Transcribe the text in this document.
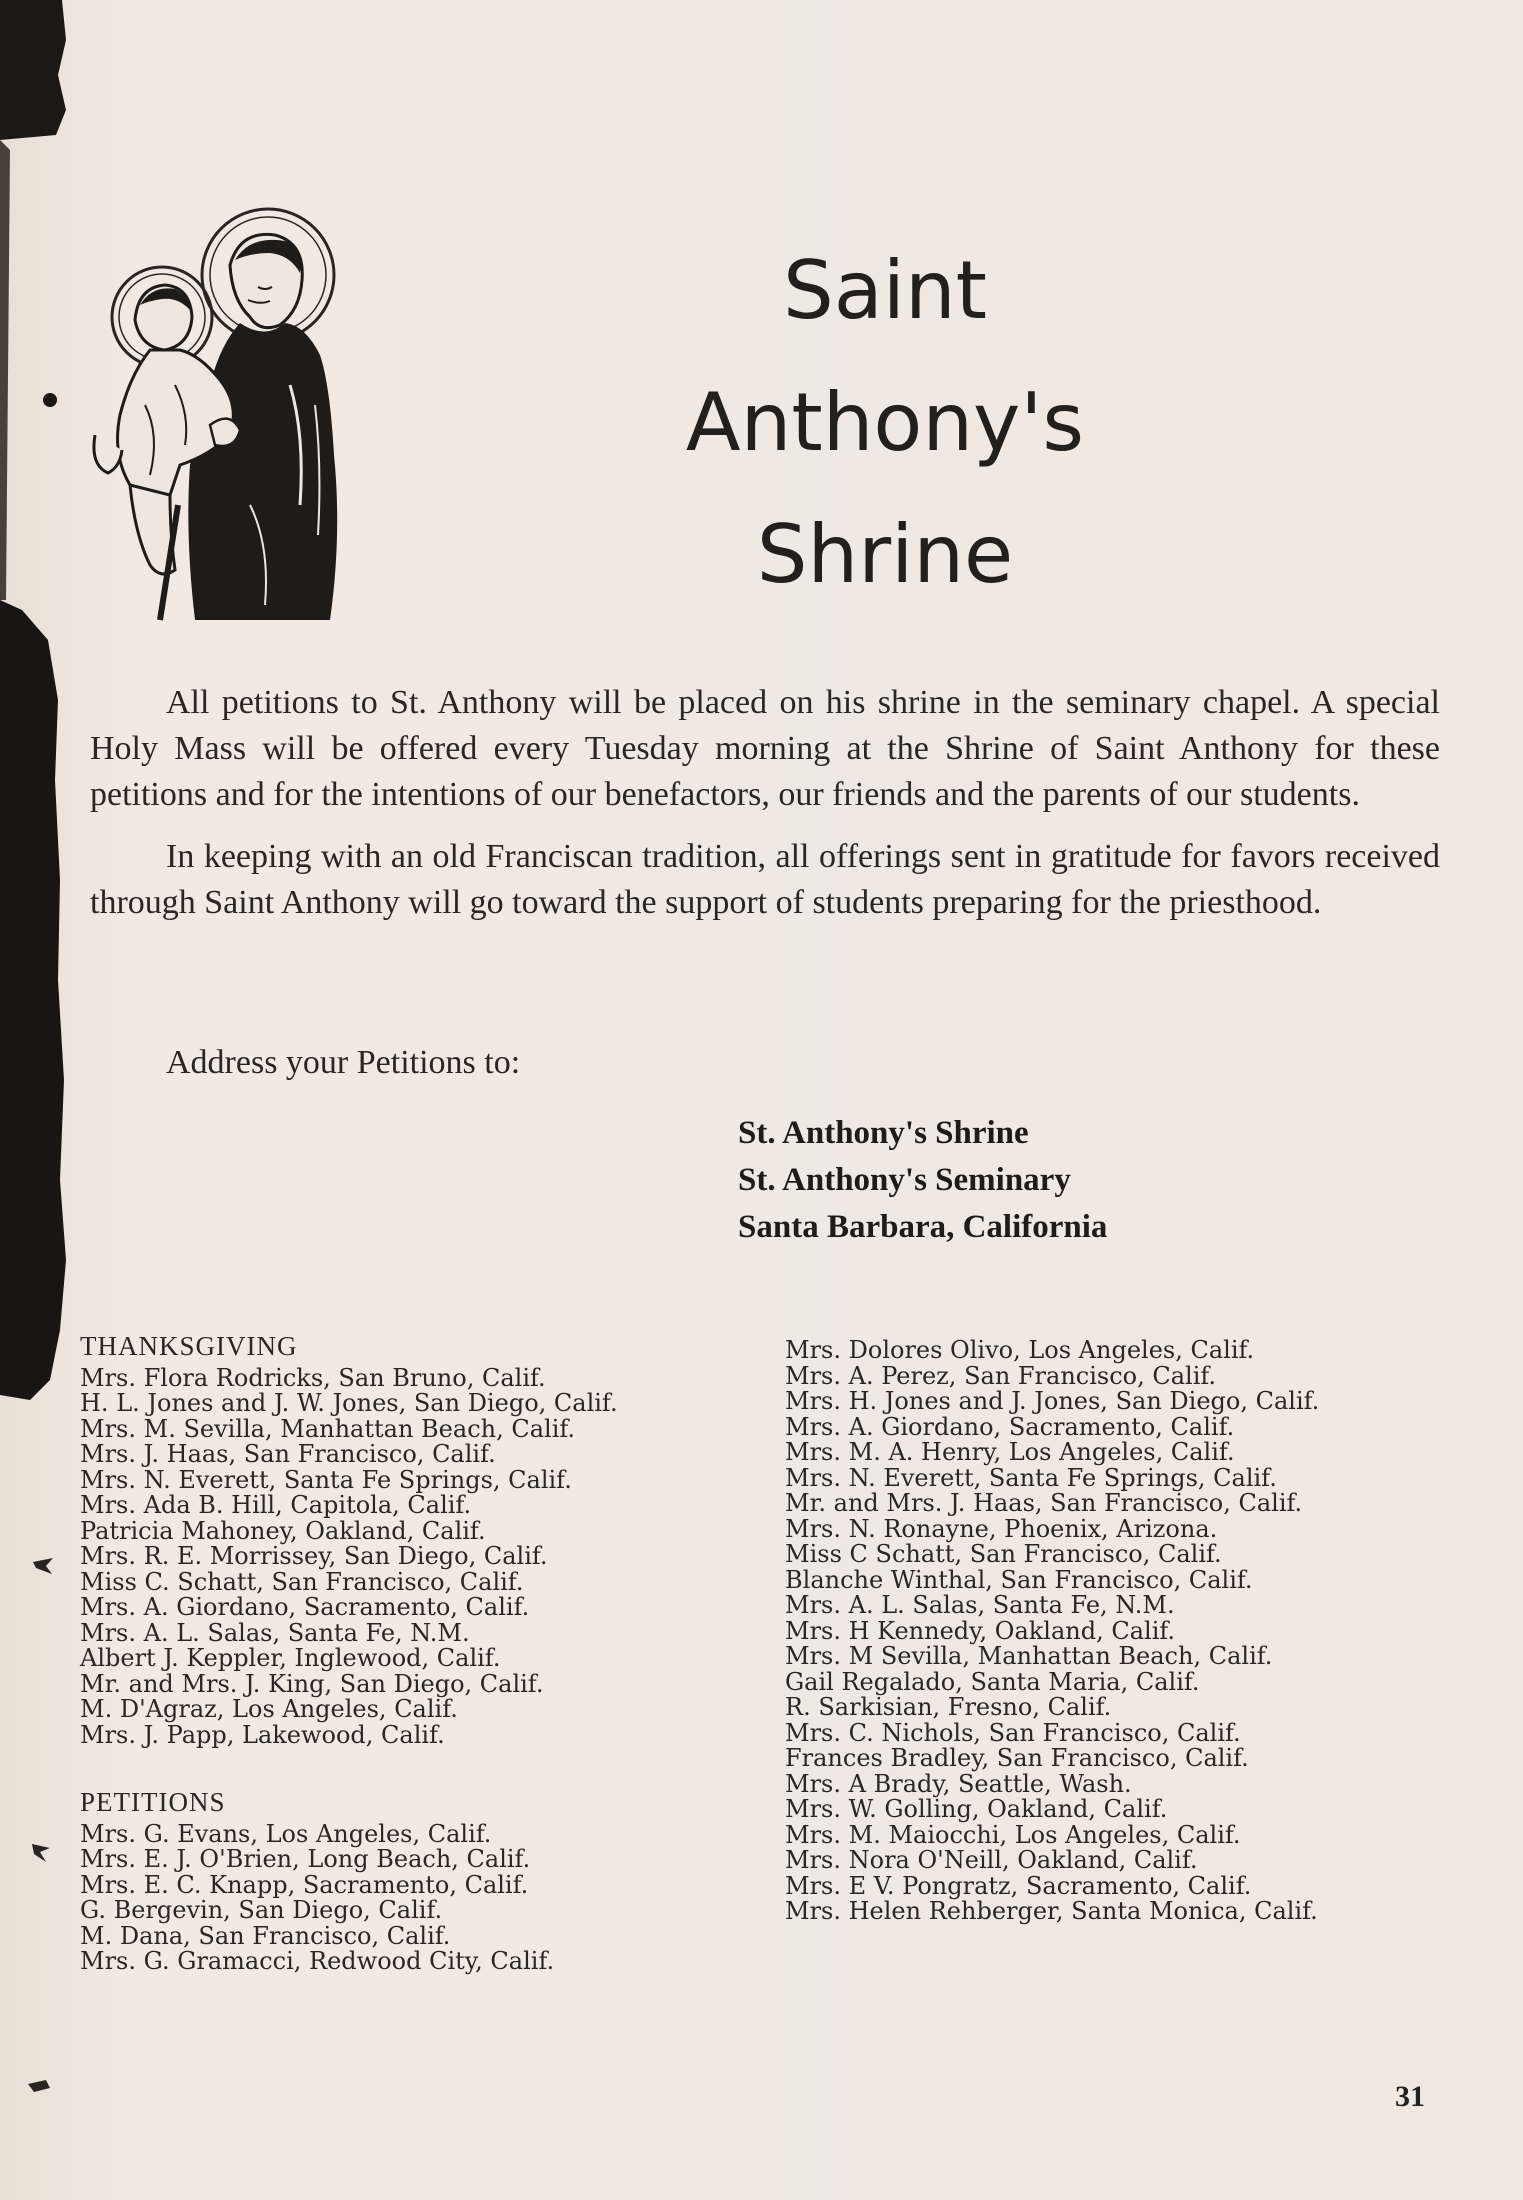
Saint
Anthony's
Shrine

All petitions to St. Anthony will be placed on his shrine in the seminary chapel. A special Holy Mass will be offered every Tuesday morning at the Shrine of Saint Anthony for these petitions and for the intentions of our benefactors, our friends and the parents of our students.

In keeping with an old Franciscan tradition, all offerings sent in gratitude for favors received through Saint Anthony will go toward the support of students preparing for the priesthood.

Address your Petitions to:
St. Anthony's Shrine
St. Anthony's Seminary
Santa Barbara, California
THANKSGIVING
Mrs. Flora Rodricks, San Bruno, Calif.
H. L. Jones and J. W. Jones, San Diego, Calif.
Mrs. M. Sevilla, Manhattan Beach, Calif.
Mrs. J. Haas, San Francisco, Calif.
Mrs. N. Everett, Santa Fe Springs, Calif.
Mrs. Ada B. Hill, Capitola, Calif.
Patricia Mahoney, Oakland, Calif.
Mrs. R. E. Morrissey, San Diego, Calif.
Miss C. Schatt, San Francisco, Calif.
Mrs. A. Giordano, Sacramento, Calif.
Mrs. A. L. Salas, Santa Fe, N.M.
Albert J. Keppler, Inglewood, Calif.
Mr. and Mrs. J. King, San Diego, Calif.
M. D'Agraz, Los Angeles, Calif.
Mrs. J. Papp, Lakewood, Calif.
PETITIONS
Mrs. G. Evans, Los Angeles, Calif.
Mrs. E. J. O'Brien, Long Beach, Calif.
Mrs. E. C. Knapp, Sacramento, Calif.
G. Bergevin, San Diego, Calif.
M. Dana, San Francisco, Calif.
Mrs. G. Gramacci, Redwood City, Calif.
Mrs. Dolores Olivo, Los Angeles, Calif.
Mrs. A. Perez, San Francisco, Calif.
Mrs. H. Jones and J. Jones, San Diego, Calif.
Mrs. A. Giordano, Sacramento, Calif.
Mrs. M. A. Henry, Los Angeles, Calif.
Mrs. N. Everett, Santa Fe Springs, Calif.
Mr. and Mrs. J. Haas, San Francisco, Calif.
Mrs. N. Ronayne, Phoenix, Arizona.
Miss C Schatt, San Francisco, Calif.
Blanche Winthal, San Francisco, Calif.
Mrs. A. L. Salas, Santa Fe, N.M.
Mrs. H Kennedy, Oakland, Calif.
Mrs. M Sevilla, Manhattan Beach, Calif.
Gail Regalado, Santa Maria, Calif.
R. Sarkisian, Fresno, Calif.
Mrs. C. Nichols, San Francisco, Calif.
Frances Bradley, San Francisco, Calif.
Mrs. A Brady, Seattle, Wash.
Mrs. W. Golling, Oakland, Calif.
Mrs. M. Maiocchi, Los Angeles, Calif.
Mrs. Nora O'Neill, Oakland, Calif.
Mrs. E V. Pongratz, Sacramento, Calif.
Mrs. Helen Rehberger, Santa Monica, Calif.
31
